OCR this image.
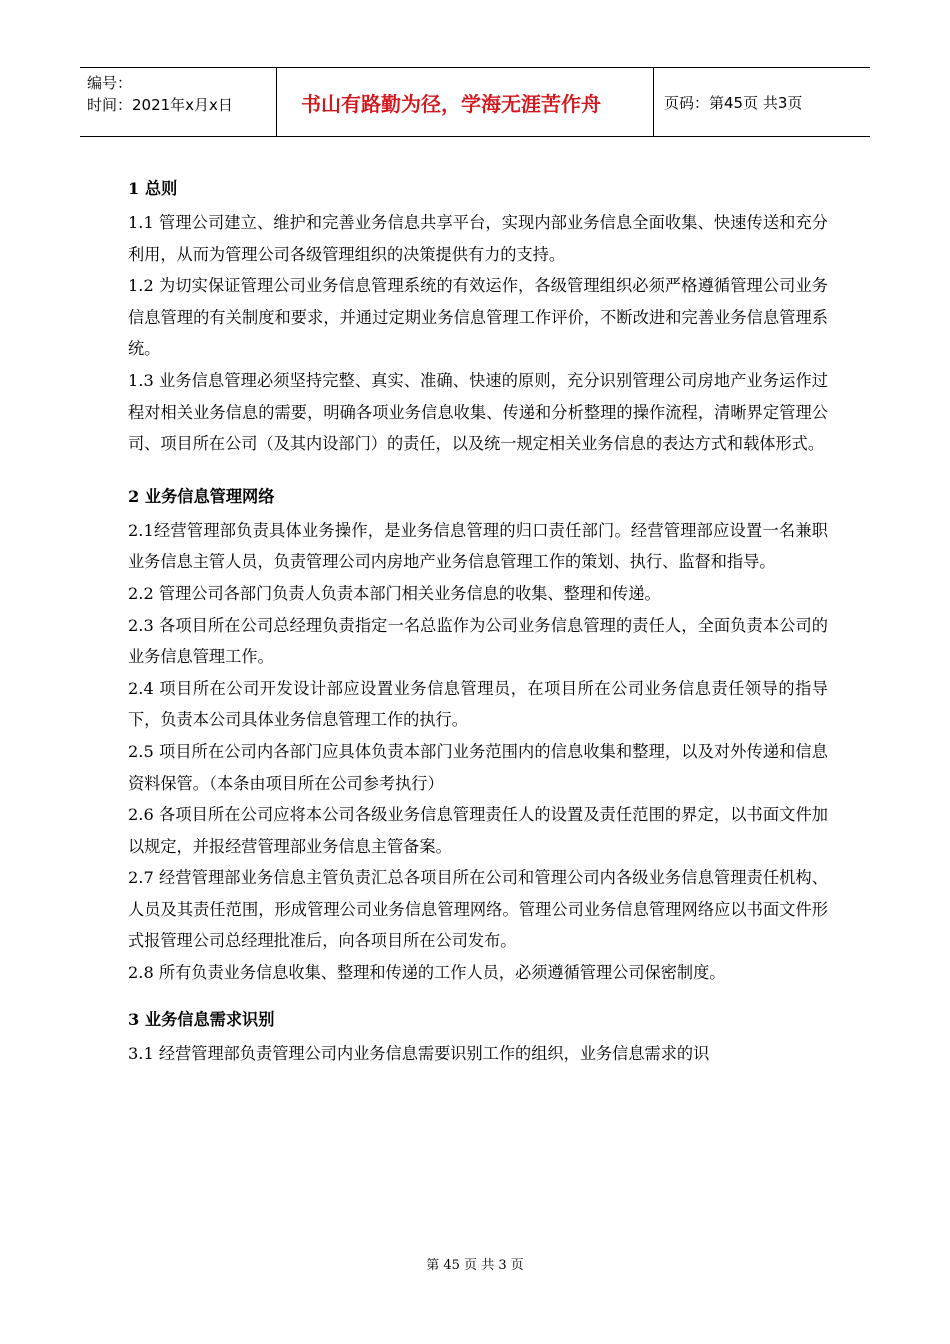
编号：
时间：2021年x月x日	书山有路勤为径，学海无涯苦作舟	页码：第45页 共3页

1 总则

1.1 管理公司建立、维护和完善业务信息共享平台，实现内部业务信息全面收集、快速传送和充分利用，从而为管理公司各级管理组织的决策提供有力的支持。

1.2 为切实保证管理公司业务信息管理系统的有效运作，各级管理组织必须严格遵循管理公司业务信息管理的有关制度和要求，并通过定期业务信息管理工作评价，不断改进和完善业务信息管理系统。

1.3 业务信息管理必须坚持完整、真实、准确、快速的原则，充分识别管理公司房地产业务运作过程对相关业务信息的需要，明确各项业务信息收集、传递和分析整理的操作流程，清晰界定管理公司、项目所在公司（及其内设部门）的责任，以及统一规定相关业务信息的表达方式和载体形式。

2 业务信息管理网络

2.1经营管理部负责具体业务操作，是业务信息管理的归口责任部门。经营管理部应设置一名兼职业务信息主管人员，负责管理公司内房地产业务信息管理工作的策划、执行、监督和指导。

2.2 管理公司各部门负责人负责本部门相关业务信息的收集、整理和传递。

2.3 各项目所在公司总经理负责指定一名总监作为公司业务信息管理的责任人，全面负责本公司的业务信息管理工作。

2.4 项目所在公司开发设计部应设置业务信息管理员，在项目所在公司业务信息责任领导的指导下，负责本公司具体业务信息管理工作的执行。

2.5 项目所在公司内各部门应具体负责本部门业务范围内的信息收集和整理，以及对外传递和信息资料保管。（本条由项目所在公司参考执行）

2.6 各项目所在公司应将本公司各级业务信息管理责任人的设置及责任范围的界定，以书面文件加以规定，并报经营管理部业务信息主管备案。

2.7 经营管理部业务信息主管负责汇总各项目所在公司和管理公司内各级业务信息管理责任机构、人员及其责任范围，形成管理公司业务信息管理网络。管理公司业务信息管理网络应以书面文件形式报管理公司总经理批准后，向各项目所在公司发布。

2.8 所有负责业务信息收集、整理和传递的工作人员，必须遵循管理公司保密制度。

3 业务信息需求识别

3.1 经营管理部负责管理公司内业务信息需要识别工作的组织，业务信息需求的识

第 45 页 共 3 页
